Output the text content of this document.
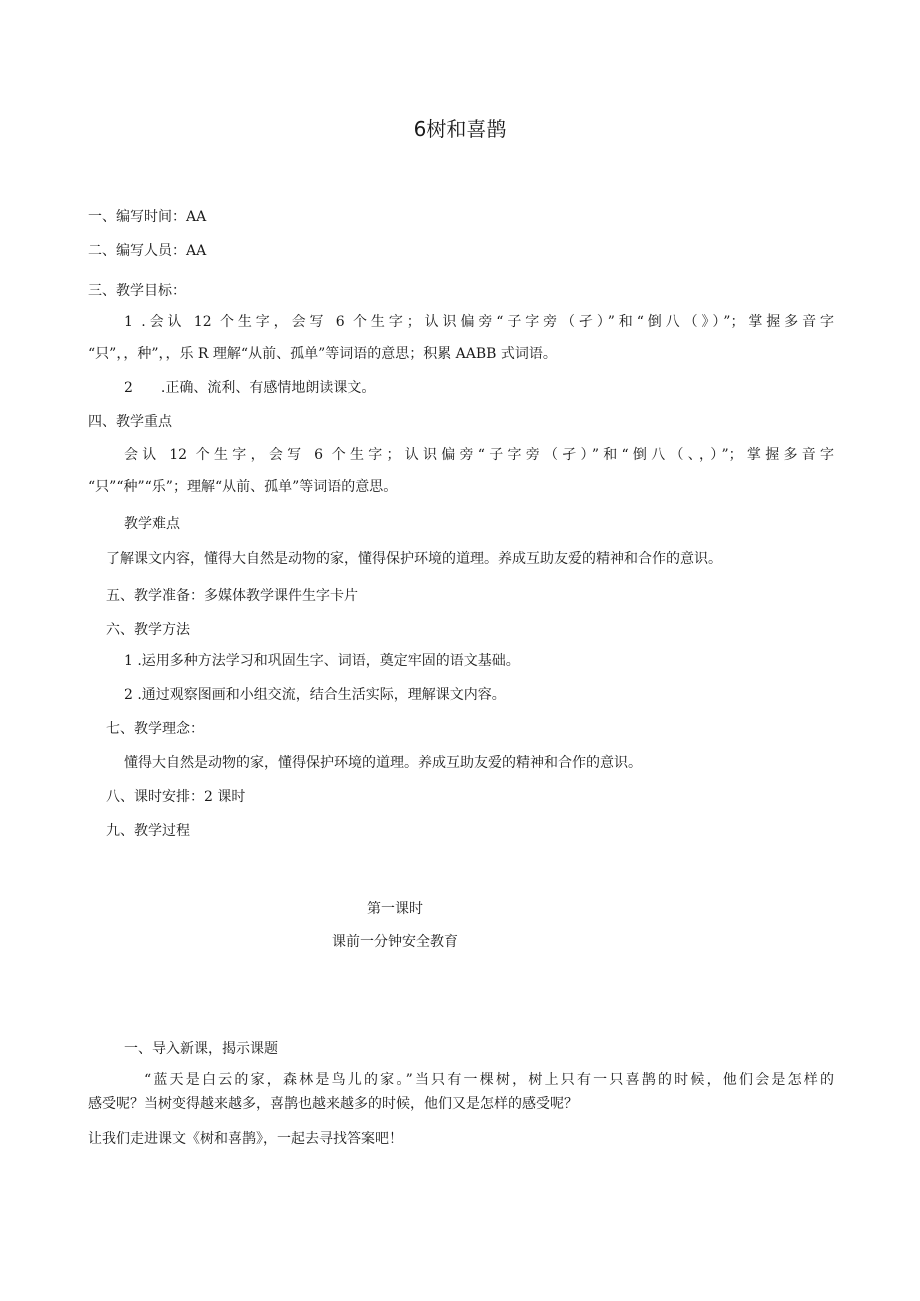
6树和喜鹊
一、编写时间：AA
二、编写人员：AA
三、教学目标：

1 .会认 12 个生字，会写 6 个生字；认识偏旁“子字旁（孑）”和“倒八（》）”；掌握多音字

“只”，，种”，，乐 R 理解“从前、孤单”等词语的意思；积累 AABB 式词语。

2　　.正确、流利、有感情地朗读课文。
四、教学重点

会认 12 个生字，会写 6 个生字；认识偏旁“子字旁（孑）”和“倒八（、，）”；掌握多音字

“只”“种”“乐”；理解“从前、孤单”等词语的意思。

教学难点
了解课文内容，懂得大自然是动物的家，懂得保护环境的道理。养成互助友爱的精神和合作的意识。
五、教学准备：多媒体教学课件生字卡片
六、教学方法
1 .运用多种方法学习和巩固生字、词语，奠定牢固的语文基础。
2 .通过观察图画和小组交流，结合生活实际，理解课文内容。
七、教学理念：
懂得大自然是动物的家，懂得保护环境的道理。养成互助友爱的精神和合作的意识。
八、课时安排：2 课时
九、教学过程
第一课时
课前一分钟安全教育
一、导入新课，揭示课题

“蓝天是白云的家，森林是鸟儿的家。”当只有一棵树，树上只有一只喜鹊的时候，他们会是怎样的

感受呢？当树变得越来越多，喜鹊也越来越多的时候，他们又是怎样的感受呢？

让我们走进课文《树和喜鹊》，一起去寻找答案吧！
